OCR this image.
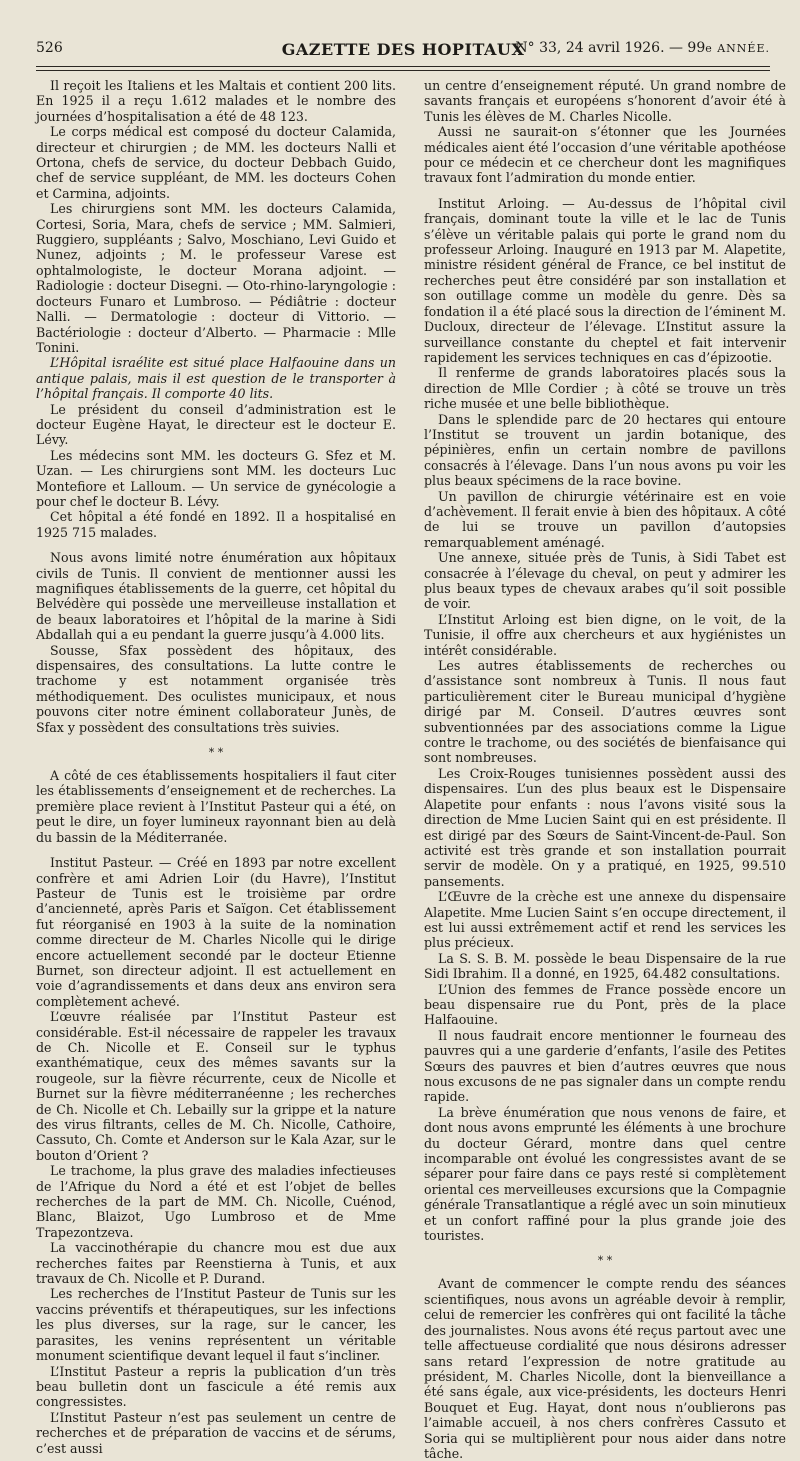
526	GAZETTE DES HOPITAUX
N° 33, 24 avril 1926. — 99e ANNÉE.

Il reçoit les Italiens et les Maltais et contient 200 lits. En 1925 il a reçu 1.612 malades et le nombre des journées d’hospitalisation a été de 48 123.

Le corps médical est composé du docteur Calamida, directeur et chirurgien ; de MM. les docteurs Nalli et Ortona, chefs de service, du docteur Debbach Guido, chef de service suppléant, de MM. les docteurs Cohen et Carmina, adjoints.

Les chirurgiens sont MM. les docteurs Calamida, Cortesi, Soria, Mara, chefs de service ; MM. Salmieri, Ruggiero, suppléants ; Salvo, Moschiano, Levi Guido et Nunez, adjoints ; M. le professeur Varese est ophtalmologiste, le docteur Morana adjoint. — Radiologie : docteur Disegni. — Oto-rhino-laryngologie : docteurs Funaro et Lumbroso. — Pédiâtrie : docteur Nalli. — Dermatologie : docteur di Vittorio. — Bactériologie : docteur d’Alberto. — Pharmacie : Mlle Tonini.

L’Hôpital israélite est situé place Halfaouine dans un antique palais, mais il est question de le transporter à l’hôpital français. Il comporte 40 lits.

Le président du conseil d’administration est le docteur Eugène Hayat, le directeur est le docteur E. Lévy.

Les médecins sont MM. les docteurs G. Sfez et M. Uzan. — Les chirurgiens sont MM. les docteurs Luc Montefiore et Lalloum. — Un service de gynécologie a pour chef le docteur B. Lévy.

Cet hôpital a été fondé en 1892. Il a hospitalisé en 1925 715 malades.

Nous avons limité notre énumération aux hôpitaux civils de Tunis. Il convient de mentionner aussi les magnifiques établissements de la guerre, cet hôpital du Belvédère qui possède une merveilleuse installation et de beaux laboratoires et l’hôpital de la marine à Sidi Abdallah qui a eu pendant la guerre jusqu’à 4.000 lits.

Sousse, Sfax possèdent des hôpitaux, des dispensaires, des consultations. La lutte contre le trachome y est notamment organisée très méthodiquement. Des oculistes municipaux, et nous pouvons citer notre éminent collaborateur Junès, de Sfax y possèdent des consultations très suivies.

* *

A côté de ces établissements hospitaliers il faut citer les établissements d’enseignement et de recherches. La première place revient à l’Institut Pasteur qui a été, on peut le dire, un foyer lumineux rayonnant bien au delà du bassin de la Méditerranée.

Institut Pasteur. — Créé en 1893 par notre excellent confrère et ami Adrien Loir (du Havre), l’Institut Pasteur de Tunis est le troisième par ordre d’ancienneté, après Paris et Saïgon. Cet établissement fut réorganisé en 1903 à la suite de la nomination comme directeur de M. Charles Nicolle qui le dirige encore actuellement secondé par le docteur Etienne Burnet, son directeur adjoint. Il est actuellement en voie d’agrandissements et dans deux ans environ sera complètement achevé.

L’œuvre réalisée par l’Institut Pasteur est considérable. Est-il nécessaire de rappeler les travaux de Ch. Nicolle et E. Conseil sur le typhus exanthématique, ceux des mêmes savants sur la rougeole, sur la fièvre récurrente, ceux de Nicolle et Burnet sur la fièvre méditerranéenne ; les recherches de Ch. Nicolle et Ch. Lebailly sur la grippe et la nature des virus filtrants, celles de M. Ch. Nicolle, Cathoire, Cassuto, Ch. Comte et Anderson sur le Kala Azar, sur le bouton d’Orient ?

Le trachome, la plus grave des maladies infectieuses de l’Afrique du Nord a été et est l’objet de belles recherches de la part de MM. Ch. Nicolle, Cuénod, Blanc, Blaizot, Ugo Lumbroso et de Mme Trapezontzeva.

La vaccinothérapie du chancre mou est due aux recherches faites par Reenstierna à Tunis, et aux travaux de Ch. Nicolle et P. Durand.

Les recherches de l’Institut Pasteur de Tunis sur les vaccins préventifs et thérapeutiques, sur les infections les plus diverses, sur la rage, sur le cancer, les parasites, les venins représentent un véritable monument scientifique devant lequel il faut s’incliner.

L’Institut Pasteur a repris la publication d’un très beau bulletin dont un fascicule a été remis aux congressistes.

L’Institut Pasteur n’est pas seulement un centre de recherches et de préparation de vaccins et de sérums, c’est aussi

un centre d’enseignement réputé. Un grand nombre de savants français et européens s’honorent d’avoir été à Tunis les élèves de M. Charles Nicolle.

Aussi ne saurait-on s’étonner que les Journées médicales aient été l’occasion d’une véritable apothéose pour ce médecin et ce chercheur dont les magnifiques travaux font l’admiration du monde entier.

Institut Arloing. — Au-dessus de l’hôpital civil français, dominant toute la ville et le lac de Tunis s’élève un véritable palais qui porte le grand nom du professeur Arloing. Inauguré en 1913 par M. Alapetite, ministre résident général de France, ce bel institut de recherches peut être considéré par son installation et son outillage comme un modèle du genre. Dès sa fondation il a été placé sous la direction de l’éminent M. Ducloux, directeur de l’élevage. L’Institut assure la surveillance constante du cheptel et fait intervenir rapidement les services techniques en cas d’épizootie.

Il renferme de grands laboratoires placés sous la direction de Mlle Cordier ; à côté se trouve un très riche musée et une belle bibliothèque.

Dans le splendide parc de 20 hectares qui entoure l’Institut se trouvent un jardin botanique, des pépinières, enfin un certain nombre de pavillons consacrés à l’élevage. Dans l’un nous avons pu voir les plus beaux spécimens de la race bovine.

Un pavillon de chirurgie vétérinaire est en voie d’achèvement. Il ferait envie à bien des hôpitaux. A côté de lui se trouve un pavillon d’autopsies remarquablement aménagé.

Une annexe, située près de Tunis, à Sidi Tabet est consacrée à l’élevage du cheval, on peut y admirer les plus beaux types de chevaux arabes qu’il soit possible de voir.

L’Institut Arloing est bien digne, on le voit, de la Tunisie, il offre aux chercheurs et aux hygiénistes un intérêt considérable.

Les autres établissements de recherches ou d’assistance sont nombreux à Tunis. Il nous faut particulièrement citer le Bureau municipal d’hygiène dirigé par M. Conseil. D’autres œuvres sont subventionnées par des associations comme la Ligue contre le trachome, ou des sociétés de bienfaisance qui sont nombreuses.

Les Croix-Rouges tunisiennes possèdent aussi des dispensaires. L’un des plus beaux est le Dispensaire Alapetite pour enfants : nous l’avons visité sous la direction de Mme Lucien Saint qui en est présidente. Il est dirigé par des Sœurs de Saint-Vincent-de-Paul. Son activité est très grande et son installation pourrait servir de modèle. On y a pratiqué, en 1925, 99.510 pansements.

L’Œuvre de la crèche est une annexe du dispensaire Alapetite. Mme Lucien Saint s’en occupe directement, il est lui aussi extrêmement actif et rend les services les plus précieux.

La S. S. B. M. possède le beau Dispensaire de la rue Sidi Ibrahim. Il a donné, en 1925, 64.482 consultations.

L’Union des femmes de France possède encore un beau dispensaire rue du Pont, près de la place Halfaouine.

Il nous faudrait encore mentionner le fourneau des pauvres qui a une garderie d’enfants, l’asile des Petites Sœurs des pauvres et bien d’autres œuvres que nous nous excusons de ne pas signaler dans un compte rendu rapide.

La brève énumération que nous venons de faire, et dont nous avons emprunté les éléments à une brochure du docteur Gérard, montre dans quel centre incomparable ont évolué les congressistes avant de se séparer pour faire dans ce pays resté si complètement oriental ces merveilleuses excursions que la Compagnie générale Transatlantique a réglé avec un soin minutieux et un confort raffiné pour la plus grande joie des touristes.

* *

Avant de commencer le compte rendu des séances scientifiques, nous avons un agréable devoir à remplir, celui de remercier les confrères qui ont facilité la tâche des journalistes. Nous avons été reçus partout avec une telle affectueuse cordialité que nous désirons adresser sans retard l’expression de notre gratitude au président, M. Charles Nicolle, dont la bienveillance a été sans égale, aux vice-présidents, les docteurs Henri Bouquet et Eug. Hayat, dont nous n’oublierons pas l’aimable accueil, à nos chers confrères Cassuto et Soria qui se multiplièrent pour nous aider dans notre tâche.
